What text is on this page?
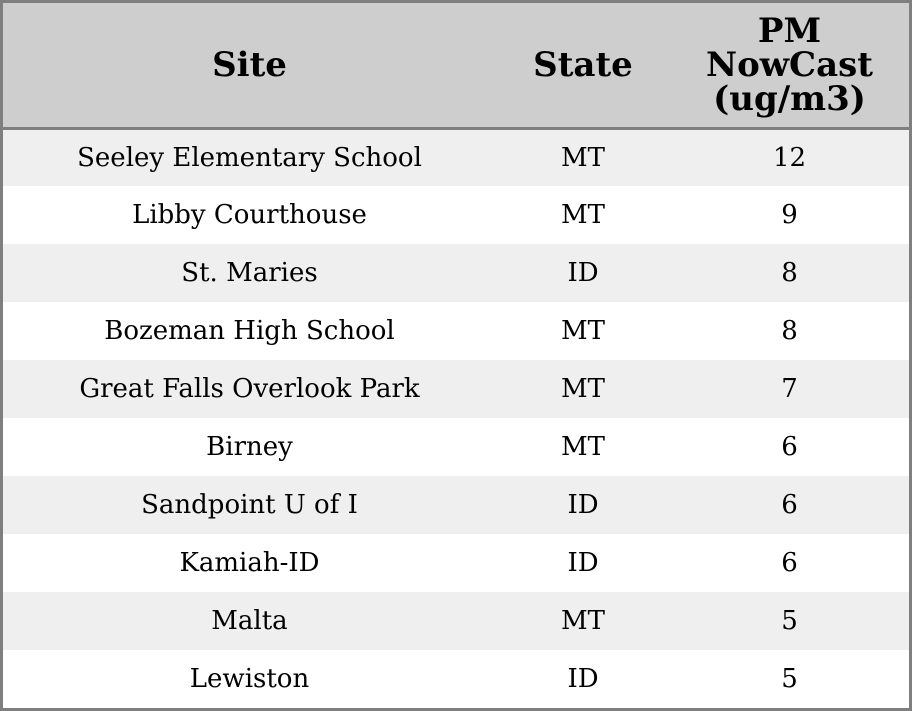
Site	State	PM
NowCast
(ug/m3)

Seeley Elementary School	MT	12
Libby Courthouse	MT	9
St. Maries	ID	8
Bozeman High School	MT	8
Great Falls Overlook Park	MT	7
Birney	MT	6
Sandpoint U of I	ID	6
Kamiah-ID	ID	6
Malta	MT	5
Lewiston	ID	5
